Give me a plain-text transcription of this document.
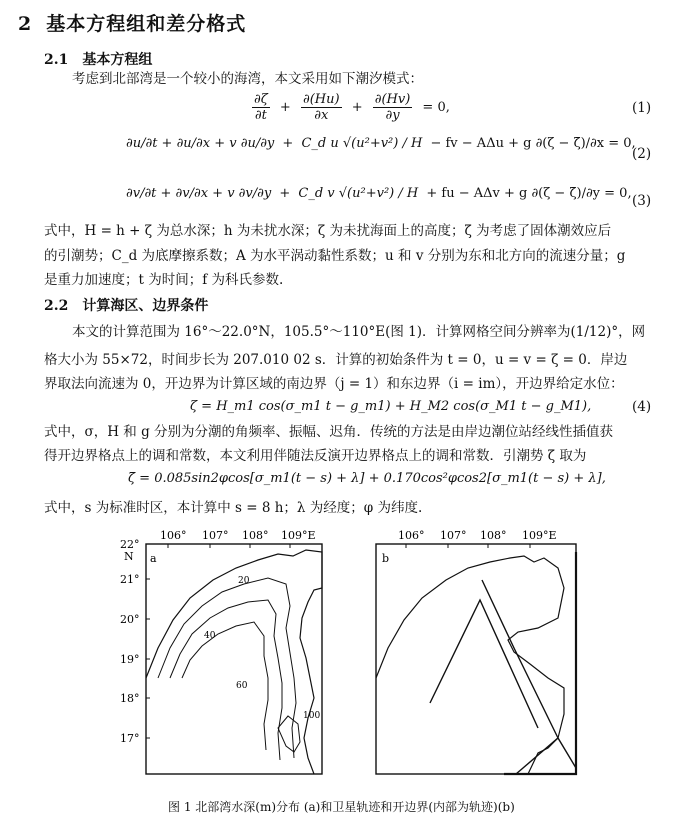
2 基本方程组和差分格式
2.1 基本方程组
考虑到北部湾是一个较小的海湾，本文采用如下潮汐模式：
$\frac{\partial\zeta}{\partial t} + \frac{\partial(Hu)}{\partial x} + \frac{\partial(Hv)}{\partial y} = 0$,	(1)
∂u/∂t + ∂u/∂x + v ∂u/∂y + C_d u √(u²+v²) / H − fv − AΔu + g ∂(ζ − ζ̄)/∂x = 0,
(2)
∂v/∂t + ∂v/∂x + v ∂v/∂y + C_d v √(u²+v²) / H + fu − AΔv + g ∂(ζ − ζ̄)/∂y = 0, (3)
式中，H = h + ζ 为总水深；h 为未扰水深；ζ 为未扰海面上的高度；ζ̄ 为考虑了固体潮效应后
的引潮势；C_d 为底摩擦系数；A 为水平涡动黏性系数；u 和 v 分别为东和北方向的流速分量；g
是重力加速度；t 为时间；f 为科氏参数.
2.2 计算海区、边界条件
本文的计算范围为 16°～22.0°N，105.5°～110°E(图 1)．计算网格空间分辨率为(1/12)°，网
格大小为 55×72，时间步长为 207.010 02 s．计算的初始条件为 t = 0，u = v = ζ = 0．岸边
界取法向流速为 0，开边界为计算区域的南边界（j = 1）和东边界（i = im），开边界给定水位：
ζ = H_m1 cos(σ_m1 t − g_m1) + H_M2 cos(σ_M1 t − g_M1),	(4)
式中，σ，H 和 g 分别为分潮的角频率、振幅、迟角．传统的方法是由岸边潮位站经线性插值获
得开边界格点上的调和常数，本文利用伴随法反演开边界格点上的调和常数．引潮势 ζ̄ 取为
ζ̄ = 0.085sin2φcos[σ_m1(t − s) + λ] + 0.170cos²φcos2[σ_m1(t − s) + λ],
式中，s 为标准时区，本计算中 s = 8 h；λ 为经度；φ 为纬度.
a
106° 107° 108° 109°E
22°
N
21°
20°
19°
18°
17°
20
40
60
100
b
106° 107° 108° 109°E
图 1 北部湾水深(m)分布 (a)和卫星轨迹和开边界(内部为轨迹)(b)
